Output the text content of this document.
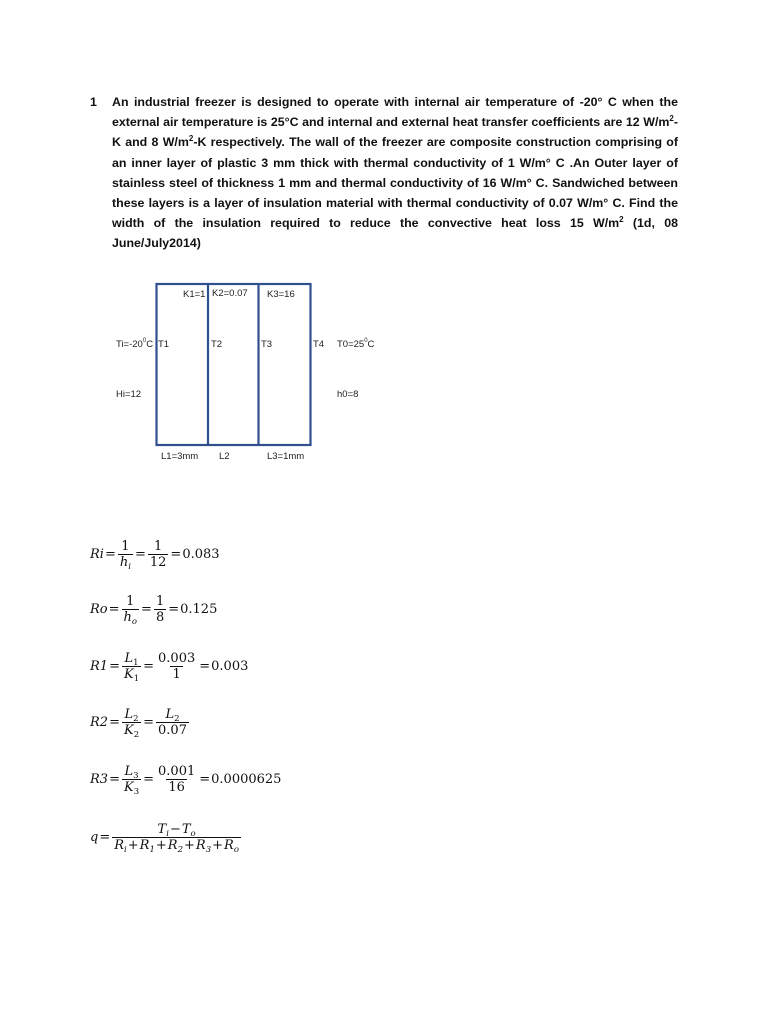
1 An industrial freezer is designed to operate with internal air temperature of -20° C when the external air temperature is 25°C and internal and external heat transfer coefficients are 12 $W/m^2-K$ and 8 $W/m^2-K$ respectively. The wall of the freezer are composite construction comprising of an inner layer of plastic 3 mm thick with thermal conductivity of 1 W/m° C .An Outer layer of stainless steel of thickness 1 mm and thermal conductivity of 16 W/m° C. Sandwiched between these layers is a layer of insulation material with thermal conductivity of 0.07 W/m° C. Find the width of the insulation required to reduce the convective heat loss 15 $W/m^2$ (1d, 08 June/July2014)
K1=1 K2=0.07 K3=16
$Ti=-20^0C$ T1	T2	T3	T4 $T0=25^0C$
Hi=12	h0=8
L1=3mm L2	L3=1mm
$Ri = \frac{1}{h_i} = \frac{1}{12} = 0.083$
$Ro = \frac{1}{h_o} = \frac{1}{8} = 0.125$
$R1 = \frac{L_1}{K_1} = \frac{0.003}{1} = 0.003$
$R2 = \frac{L_2}{K_2} = \frac{L_2}{0.07}$
$R3 = \frac{L_3}{K_3} = \frac{0.001}{16} = 0.0000625$
$q = \frac{T_i-T_o}{R_i+R_1+R_2+R_3+R_o}$
